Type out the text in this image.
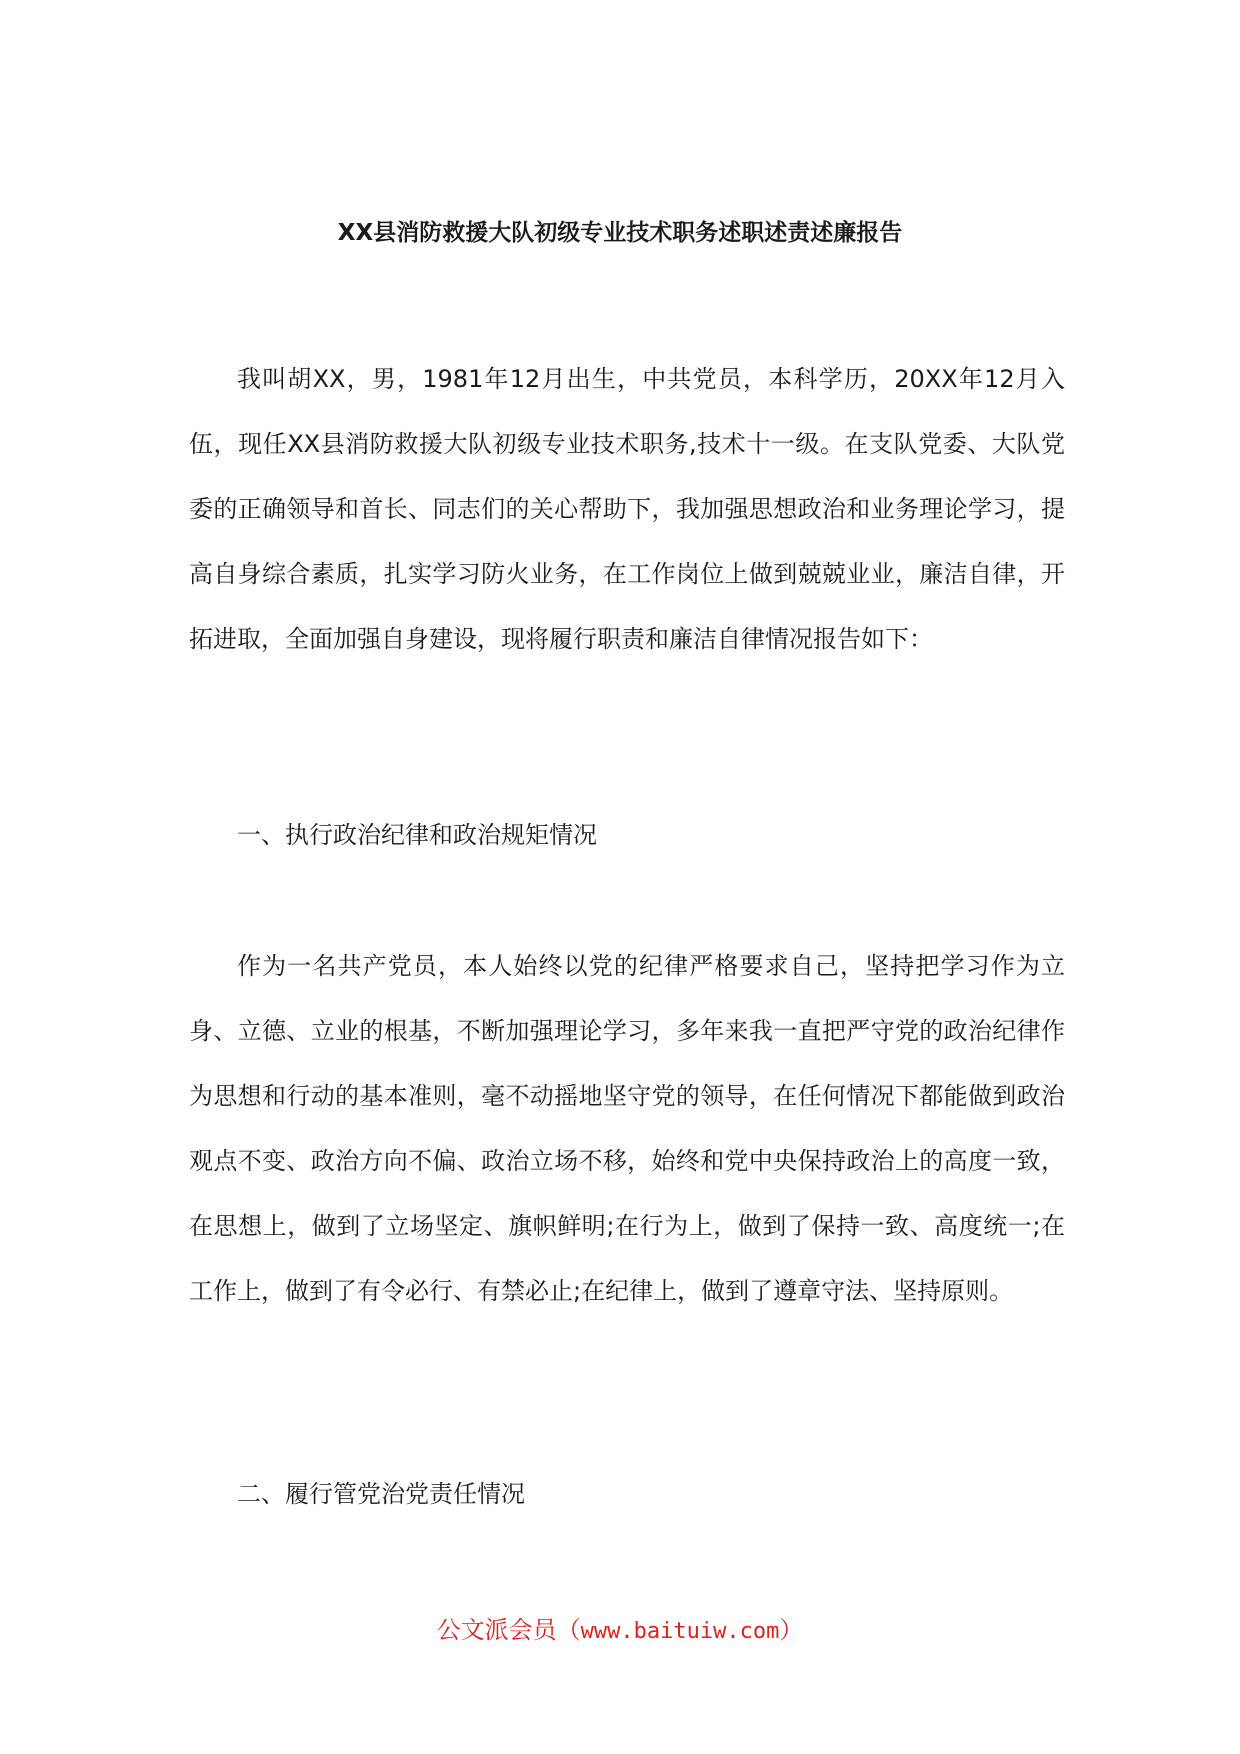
XX县消防救援大队初级专业技术职务述职述责述廉报告

我叫胡XX，男，1981年12月出生，中共党员，本科学历，20XX年12月入伍，现任XX县消防救援大队初级专业技术职务,技术十一级。在支队党委、大队党委的正确领导和首长、同志们的关心帮助下，我加强思想政治和业务理论学习，提高自身综合素质，扎实学习防火业务，在工作岗位上做到兢兢业业，廉洁自律，开拓进取，全面加强自身建设，现将履行职责和廉洁自律情况报告如下：

一、执行政治纪律和政治规矩情况

作为一名共产党员，本人始终以党的纪律严格要求自己，坚持把学习作为立身、立德、立业的根基，不断加强理论学习，多年来我一直把严守党的政治纪律作为思想和行动的基本准则，毫不动摇地坚守党的领导，在任何情况下都能做到政治观点不变、政治方向不偏、政治立场不移，始终和党中央保持政治上的高度一致，在思想上，做到了立场坚定、旗帜鲜明;在行为上，做到了保持一致、高度统一;在工作上，做到了有令必行、有禁必止;在纪律上，做到了遵章守法、坚持原则。

二、履行管党治党责任情况
公文派会员（www.baituiw.com）
